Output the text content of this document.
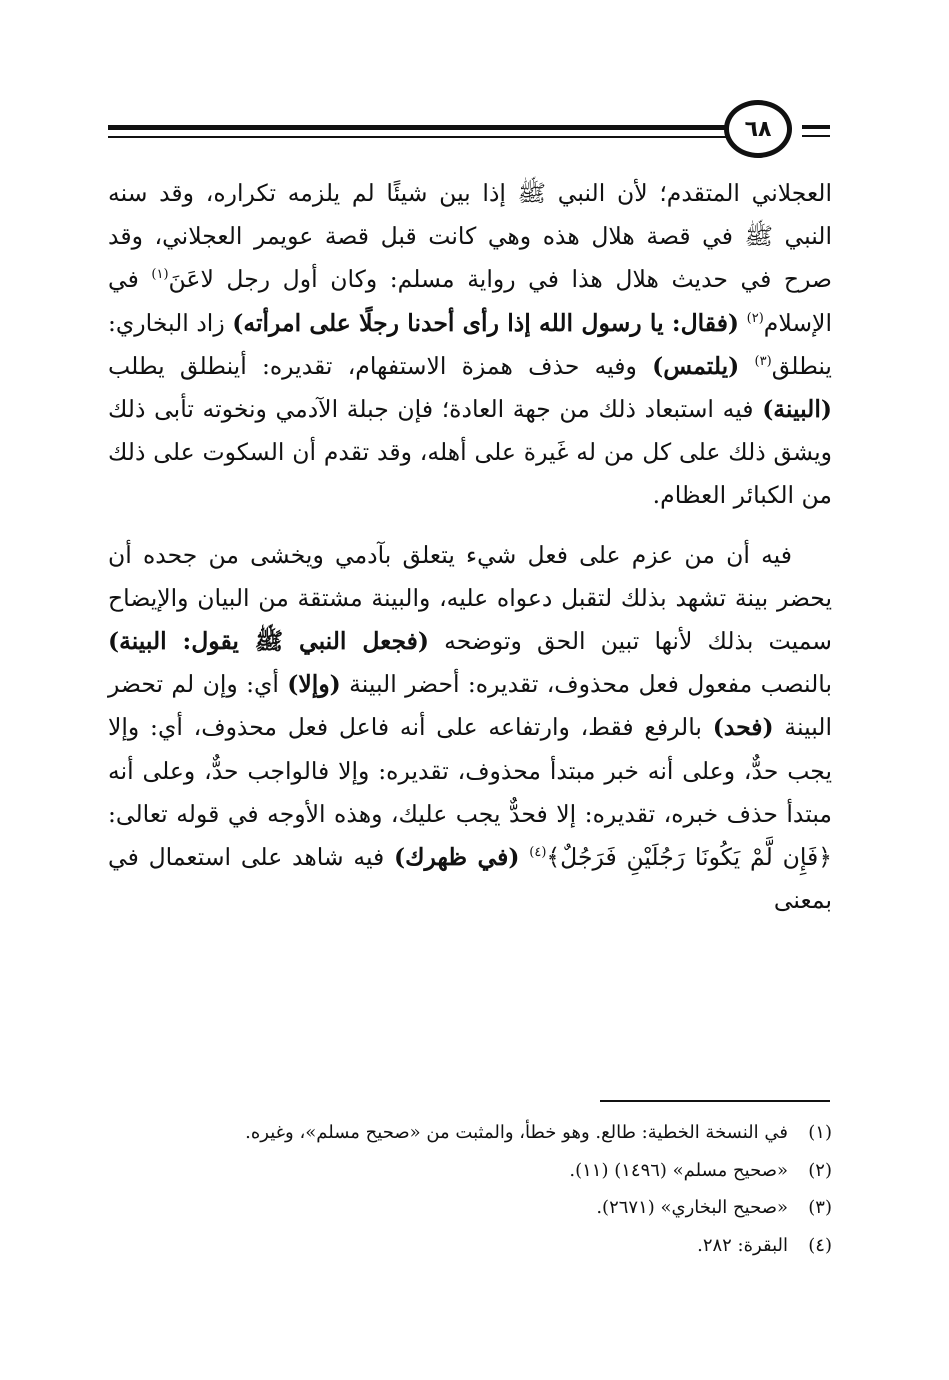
٦٨

العجلاني المتقدم؛ لأن النبي ﷺ إذا بين شيئًا لم يلزمه تكراره، وقد سنه النبي ﷺ في قصة هلال هذه وهي كانت قبل قصة عويمر العجلاني، وقد صرح في حديث هلال هذا في رواية مسلم: وكان أول رجل لاعَنَ$^{(١)}$ في الإسلام$^{(٢)}$ (فقال: يا رسول الله إذا رأى أحدنا رجلًا على امرأته) زاد البخاري: ينطلق$^{(٣)}$ (يلتمس) وفيه حذف همزة الاستفهام، تقديره: أينطلق يطلب (البينة) فيه استبعاد ذلك من جهة العادة؛ فإن جبلة الآدمي ونخوته تأبى ذلك ويشق ذلك على كل من له غَيرة على أهله، وقد تقدم أن السكوت على ذلك من الكبائر العظام.

فيه أن من عزم على فعل شيء يتعلق بآدمي ويخشى من جحده أن يحضر بينة تشهد بذلك لتقبل دعواه عليه، والبينة مشتقة من البيان والإيضاح سميت بذلك لأنها تبين الحق وتوضحه (فجعل النبي ﷺ يقول: البينة) بالنصب مفعول فعل محذوف، تقديره: أحضر البينة (وإلا) أي: وإن لم تحضر البينة (فحد) بالرفع فقط، وارتفاعه على أنه فاعل فعل محذوف، أي: وإلا يجب حدٌّ، وعلى أنه خبر مبتدأ محذوف، تقديره: وإلا فالواجب حدٌّ، وعلى أنه مبتدأ حذف خبره، تقديره: إلا فحدٌّ يجب عليك، وهذه الأوجه في قوله تعالى: ﴿فَإِن لَّمْ يَكُونَا رَجُلَيْنِ فَرَجُلٌ﴾$^{(٤)}$ (في ظهرك) فيه شاهد على استعمال في بمعنى

(١)في النسخة الخطية: طالع. وهو خطأ، والمثبت من «صحيح مسلم»، وغيره.
(٢)«صحيح مسلم» (١٤٩٦) (١١).
(٣)«صحيح البخاري» (٢٦٧١).
(٤)البقرة: ٢٨٢.
